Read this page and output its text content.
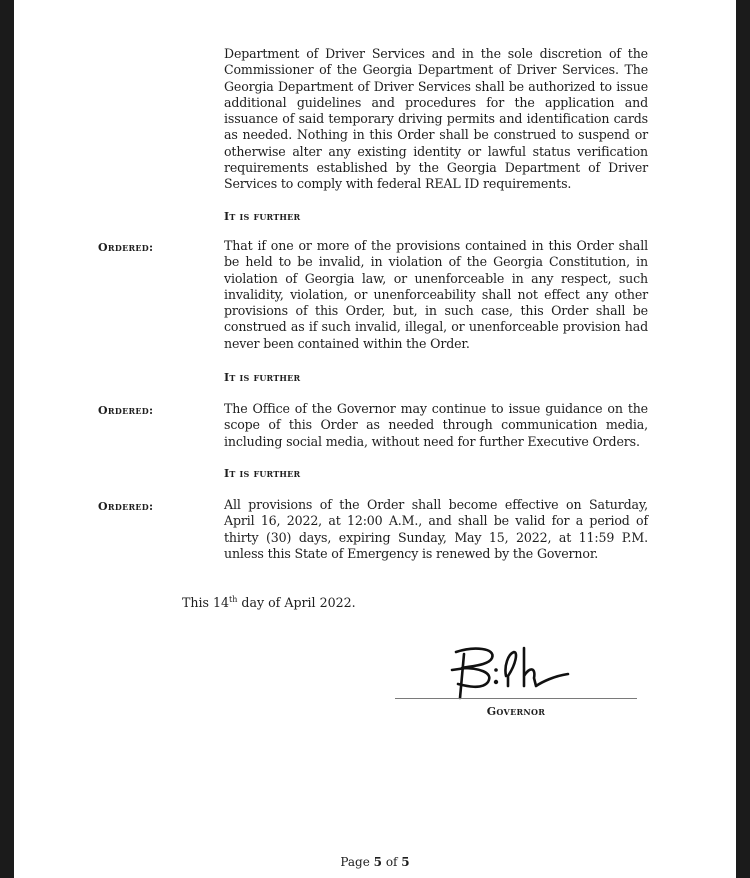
Department of Driver Services and in the sole discretion of the Commissioner of the Georgia Department of Driver Services. The Georgia Department of Driver Services shall be authorized to issue additional guidelines and procedures for the application and issuance of said temporary driving permits and identification cards as needed. Nothing in this Order shall be construed to suspend or otherwise alter any existing identity or lawful status verification requirements established by the Georgia Department of Driver Services to comply with federal REAL ID requirements.
It is further
Ordered:	That if one or more of the provisions contained in this Order shall be held to be invalid, in violation of the Georgia Constitution, in violation of Georgia law, or unenforceable in any respect, such invalidity, violation, or unenforceability shall not effect any other provisions of this Order, but, in such case, this Order shall be construed as if such invalid, illegal, or unenforceable provision had never been contained within the Order.
It is further
Ordered:	The Office of the Governor may continue to issue guidance on the scope of this Order as needed through communication media, including social media, without need for further Executive Orders.
It is further
Ordered:	All provisions of the Order shall become effective on Saturday, April 16, 2022, at 12:00 A.M., and shall be valid for a period of thirty (30) days, expiring Sunday, May 15, 2022, at 11:59 P.M. unless this State of Emergency is renewed by the Governor.
This 14th day of April 2022.
Governor
Page 5 of 5
